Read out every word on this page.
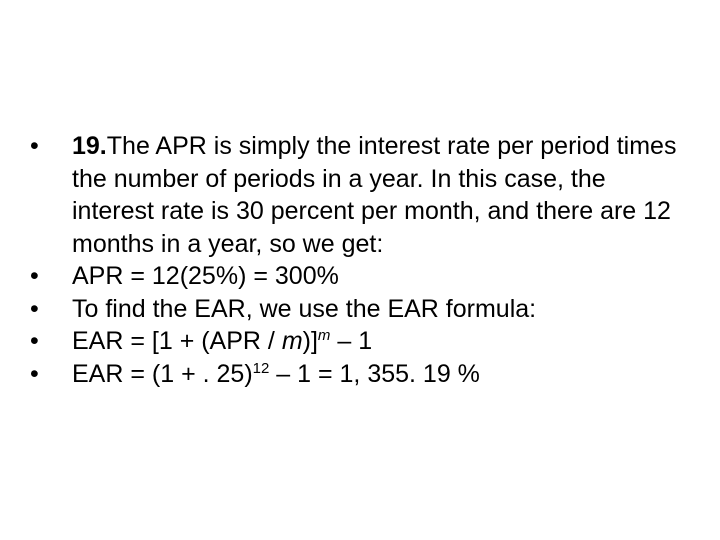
•	19.The APR is simply the interest rate per period times the number of periods in a year. In this case, the interest rate is 30 percent per month, and there are 12 months in a year, so we get:
•	APR = 12(25%) = 300%
•	To find the EAR, we use the EAR formula:
•	EAR = $[1 + (APR / m)]^m - 1$
•	EAR = (1 + . 25)$^{12}$ – 1 = 1, 355. 19 %
